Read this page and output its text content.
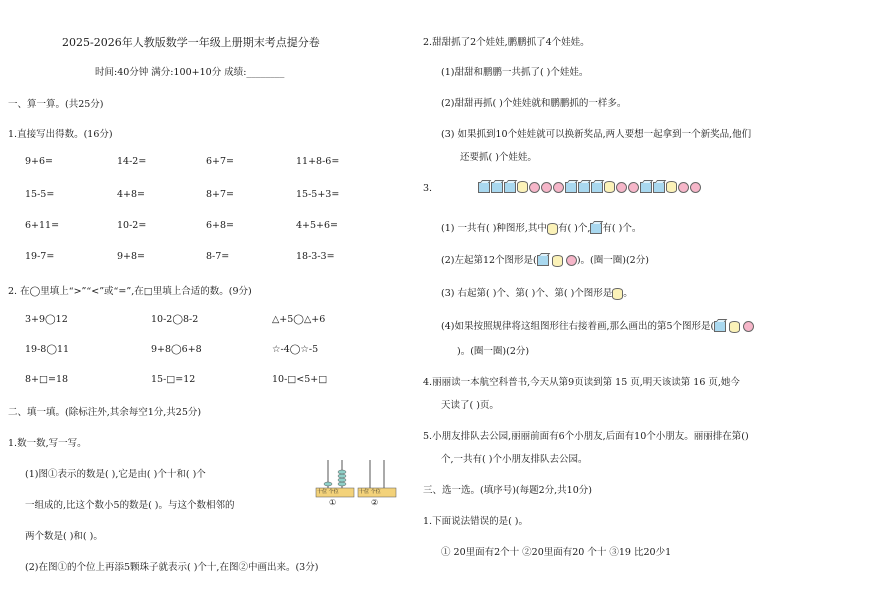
2025-2026年人教版数学一年级上册期末考点提分卷
时间:40分钟 满分:100+10分 成绩:________
一、算一算。(共25分)
1.直接写出得数。(16分)
9+6=	14-2=	6+7=	11+8-6=
15-5=	4+8=	8+7=	15-5+3=
6+11=	10-2=	6+8=	4+5+6=
19-7=	9+8=	8-7=	18-3-3=
2. 在◯里填上“>”“<”或“=”,在□里填上合适的数。(9分)
3+9◯12	10-2◯8-2	△+5◯△+6
19-8◯11	9+8◯6+8	☆-4◯☆-5
8+□=18	15-□=12	10-□<5+□
二、填一填。(除标注外,其余每空1分,共25分)
1.数一数,写一写。
(1)图①表示的数是( ),它是由( )个十和( )个
一组成的,比这个数小5的数是( )。与这个数相邻的
两个数是( )和( )。
(2)在图①的个位上再添5颗珠子就表示( )个十,在图②中画出来。(3分)
十位 个位
①
十位 个位
②
2.甜甜抓了2个娃娃,鹏鹏抓了4个娃娃。
(1)甜甜和鹏鹏一共抓了( )个娃娃。
(2)甜甜再抓( )个娃娃就和鹏鹏抓的一样多。
(3) 如果抓到10个娃娃就可以换新奖品,两人要想一起拿到一个新奖品,他们
还要抓( )个娃娃。
3.
(1) 一共有( )种图形,其中 有( )个, 有( )个。
(2)左起第12个图形是(	)。(圈一圈)(2分)
(3) 右起第( )个、第( )个、第( )个图形是 。
(4)如果按照规律将这组图形往右接着画,那么画出的第5个图形是(
)。(圈一圈)(2分)
4.丽丽读一本航空科普书,今天从第9页读到第 15 页,明天该读第 16 页,她今
天读了( )页。
5.小朋友排队去公园,丽丽前面有6个小朋友,后面有10个小朋友。丽丽排在第()
个,一共有( )个小朋友排队去公园。
三、选一选。(填序号)(每题2分,共10分)
1.下面说法错误的是( )。
① 20里面有2个十 ②20里面有20 个十 ③19 比20少1
